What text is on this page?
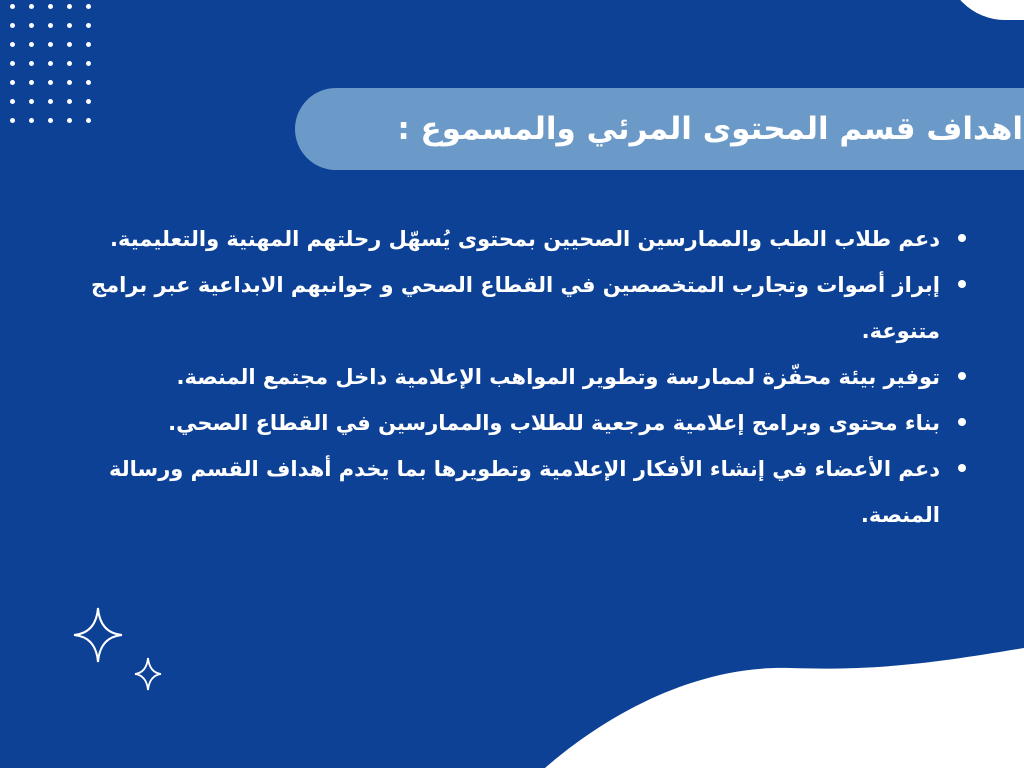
اهداف قسم المحتوى المرئي والمسموع :
دعم طلاب الطب والممارسين الصحيين بمحتوى يُسهّل رحلتهم المهنية والتعليمية.
إبراز أصوات وتجارب المتخصصين في القطاع الصحي و جوانبهم الابداعية عبر برامج متنوعة.
توفير بيئة محفّزة لممارسة وتطوير المواهب الإعلامية داخل مجتمع المنصة.
بناء محتوى وبرامج إعلامية مرجعية للطلاب والممارسين في القطاع الصحي.
دعم الأعضاء في إنشاء الأفكار الإعلامية وتطويرها بما يخدم أهداف القسم ورسالة المنصة.
